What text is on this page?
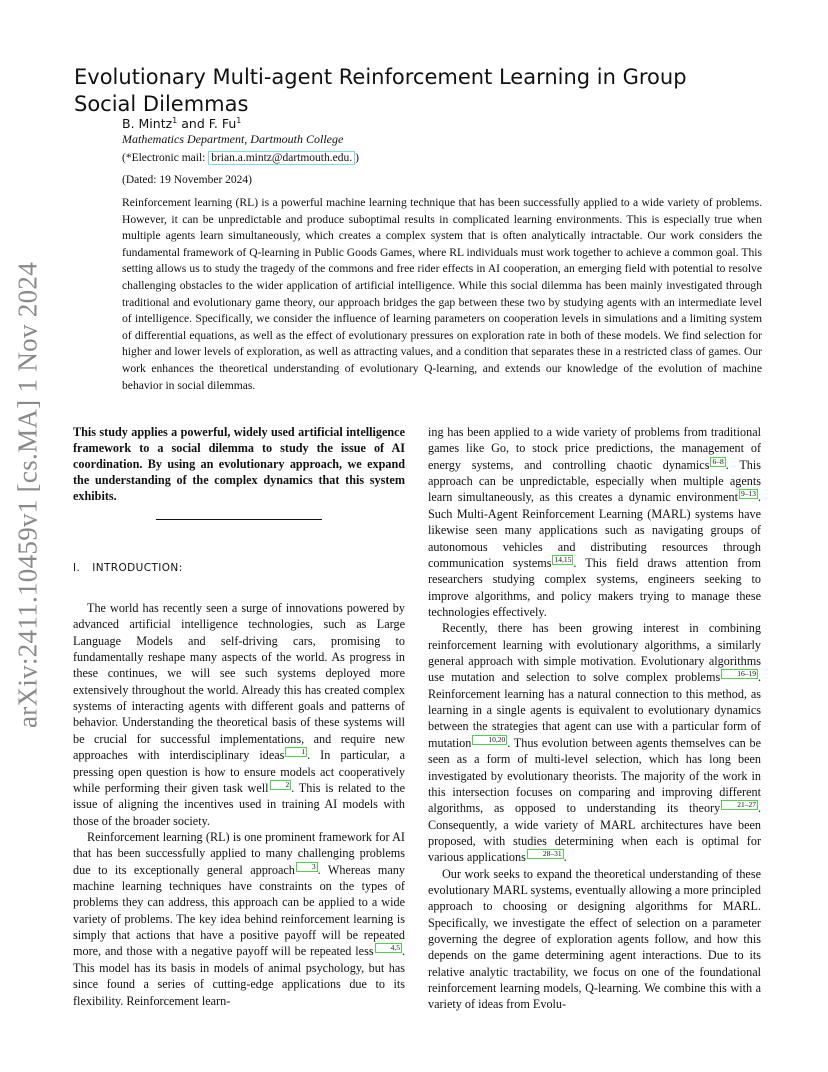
arXiv:2411.10459v1 [cs.MA] 1 Nov 2024
Evolutionary Multi-agent Reinforcement Learning in Group Social Dilemmas
B. Mintz$^1$ and F. Fu$^1$
Mathematics Department, Dartmouth College
(*Electronic mail: brian.a.mintz@dartmouth.edu. )
(Dated: 19 November 2024)

Reinforcement learning (RL) is a powerful machine learning technique that has been successfully applied to a wide variety of problems. However, it can be unpredictable and produce suboptimal results in complicated learning environments. This is especially true when multiple agents learn simultaneously, which creates a complex system that is often analytically intractable. Our work considers the fundamental framework of Q-learning in Public Goods Games, where RL individuals must work together to achieve a common goal. This setting allows us to study the tragedy of the commons and free rider effects in AI cooperation, an emerging field with potential to resolve challenging obstacles to the wider application of artificial intelligence. While this social dilemma has been mainly investigated through traditional and evolutionary game theory, our approach bridges the gap between these two by studying agents with an intermediate level of intelligence. Specifically, we consider the influence of learning parameters on cooperation levels in simulations and a limiting system of differential equations, as well as the effect of evolutionary pressures on exploration rate in both of these models. We find selection for higher and lower levels of exploration, as well as attracting values, and a condition that separates these in a restricted class of games. Our work enhances the theoretical understanding of evolutionary Q-learning, and extends our knowledge of the evolution of machine behavior in social dilemmas.

This study applies a powerful, widely used artificial intelligence framework to a social dilemma to study the issue of AI coordination. By using an evolutionary approach, we expand the understanding of the complex dynamics that this system exhibits.

I. INTRODUCTION:

The world has recently seen a surge of innovations powered by advanced artificial intelligence technologies, such as Large Language Models and self-driving cars, promising to fundamentally reshape many aspects of the world. As progress in these continues, we will see such systems deployed more extensively throughout the world. Already this has created complex systems of interacting agents with different goals and patterns of behavior. Understanding the theoretical basis of these systems will be crucial for successful implementations, and require new approaches with interdisciplinary ideas 1 . In particular, a pressing open question is how to ensure models act cooperatively while performing their given task well 2 . This is related to the issue of aligning the incentives used in training AI models with those of the broader society.

Reinforcement learning (RL) is one prominent framework for AI that has been successfully applied to many challenging problems due to its exceptionally general approach 3 . Whereas many machine learning techniques have constraints on the types of problems they can address, this approach can be applied to a wide variety of problems. The key idea behind reinforcement learning is simply that actions that have a positive payoff will be repeated more, and those with a negative payoff will be repeated less 4,5 . This model has its basis in models of animal psychology, but has since found a series of cutting-edge applications due to its flexibility. Reinforcement learn-

ing has been applied to a wide variety of problems from traditional games like Go, to stock price predictions, the management of energy systems, and controlling chaotic dynamics 6–8 . This approach can be unpredictable, especially when multiple agents learn simultaneously, as this creates a dynamic environment 9–13 . Such Multi-Agent Reinforcement Learning (MARL) systems have likewise seen many applications such as navigating groups of autonomous vehicles and distributing resources through communication systems 14,15 . This field draws attention from researchers studying complex systems, engineers seeking to improve algorithms, and policy makers trying to manage these technologies effectively.

Recently, there has been growing interest in combining reinforcement learning with evolutionary algorithms, a similarly general approach with simple motivation. Evolutionary algorithms use mutation and selection to solve complex problems 16–19 . Reinforcement learning has a natural connection to this method, as learning in a single agents is equivalent to evolutionary dynamics between the strategies that agent can use with a particular form of mutation 10,20 . Thus evolution between agents themselves can be seen as a form of multi-level selection, which has long been investigated by evolutionary theorists. The majority of the work in this intersection focuses on comparing and improving different algorithms, as opposed to understanding its theory 21–27 . Consequently, a wide variety of MARL architectures have been proposed, with studies determining when each is optimal for various applications 28–31 .

Our work seeks to expand the theoretical understanding of these evolutionary MARL systems, eventually allowing a more principled approach to choosing or designing algorithms for MARL. Specifically, we investigate the effect of selection on a parameter governing the degree of exploration agents follow, and how this depends on the game determining agent interactions. Due to its relative analytic tractability, we focus on one of the foundational reinforcement learning models, Q-learning. We combine this with a variety of ideas from Evolu-
